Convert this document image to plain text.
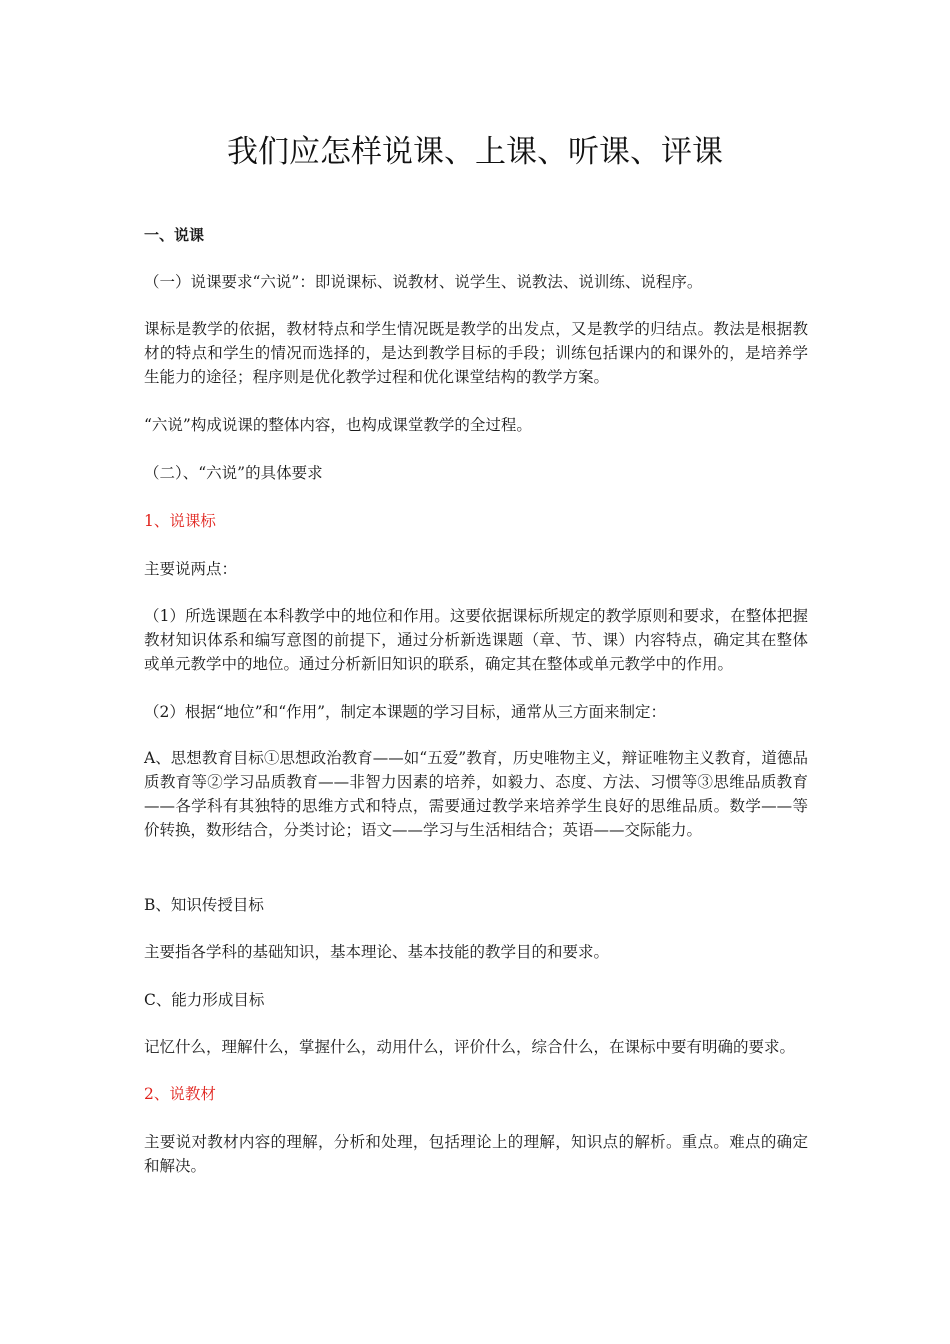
我们应怎样说课、上课、听课、评课

一、说课

（一）说课要求“六说”：即说课标、说教材、说学生、说教法、说训练、说程序。

课标是教学的依据，教材特点和学生情况既是教学的出发点，又是教学的归结点。教法是根据教材的特点和学生的情况而选择的，是达到教学目标的手段；训练包括课内的和课外的，是培养学生能力的途径；程序则是优化教学过程和优化课堂结构的教学方案。

“六说”构成说课的整体内容，也构成课堂教学的全过程。

（二）、“六说”的具体要求

1、说课标

主要说两点：

（1）所选课题在本科教学中的地位和作用。这要依据课标所规定的教学原则和要求，在整体把握教材知识体系和编写意图的前提下，通过分析新选课题（章、节、课）内容特点，确定其在整体或单元教学中的地位。通过分析新旧知识的联系，确定其在整体或单元教学中的作用。

（2）根据“地位”和“作用”，制定本课题的学习目标，通常从三方面来制定：

A、思想教育目标①思想政治教育——如“五爱”教育，历史唯物主义，辩证唯物主义教育，道德品质教育等②学习品质教育——非智力因素的培养，如毅力、态度、方法、习惯等③思维品质教育——各学科有其独特的思维方式和特点，需要通过教学来培养学生良好的思维品质。数学——等价转换，数形结合，分类讨论；语文——学习与生活相结合；英语——交际能力。

B、知识传授目标

主要指各学科的基础知识，基本理论、基本技能的教学目的和要求。

C、能力形成目标

记忆什么，理解什么，掌握什么，动用什么，评价什么，综合什么，在课标中要有明确的要求。

2、说教材

主要说对教材内容的理解，分析和处理，包括理论上的理解，知识点的解析。重点。难点的确定和解决。
